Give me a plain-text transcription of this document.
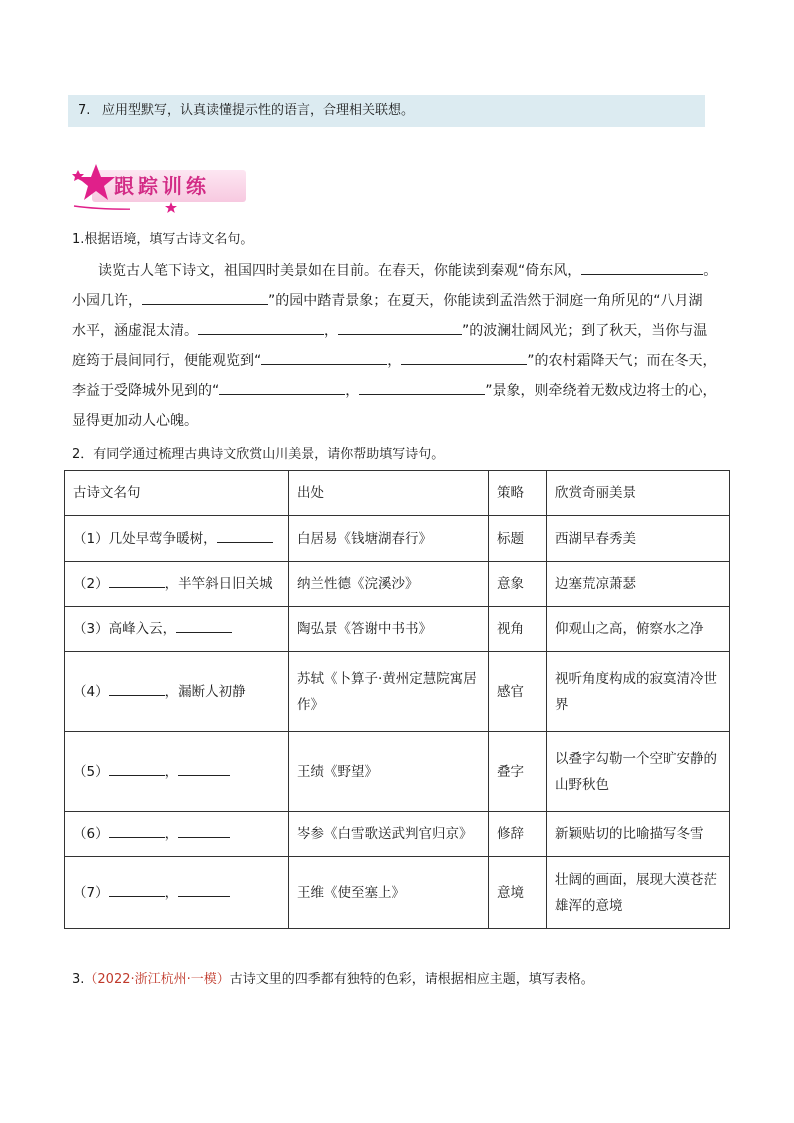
7. 应用型默写，认真读懂提示性的语言，合理相关联想。
跟踪训练
1.根据语境，填写古诗文名句。
读览古人笔下诗文，祖国四时美景如在目前。在春天，你能读到秦观“倚东风，	。
小园几许，	”的园中踏青景象；在夏天，你能读到孟浩然于洞庭一角所见的“八月湖
水平，涵虚混太清。	，	”的波澜壮阔风光；到了秋天，当你与温
庭筠于晨间同行，便能观览到“	，	”的农村霜降天气；而在冬天，
李益于受降城外见到的“	，	”景象，则牵绕着无数戍边将士的心，
显得更加动人心魄。
2．有同学通过梳理古典诗文欣赏山川美景，请你帮助填写诗句。
古诗文名句	出处	策略	欣赏奇丽美景
（1）几处早莺争暖树，	白居易《钱塘湖春行》	标题	西湖早春秀美
（2） ，半竿斜日旧关城	纳兰性德《浣溪沙》	意象	边塞荒凉萧瑟
（3）高峰入云，	陶弘景《答谢中书书》	视角	仰观山之高，俯察水之净
（4） ，漏断人初静	苏轼《卜算子·黄州定慧院寓居作》	感官	视听角度构成的寂寞清冷世界
（5） ，	王绩《野望》	叠字	以叠字勾勒一个空旷安静的山野秋色
（6） ，	岑参《白雪歌送武判官归京》	修辞	新颖贴切的比喻描写冬雪
（7） ，	王维《使至塞上》	意境	壮阔的画面，展现大漠苍茫雄浑的意境
3.（2022·浙江杭州·一模）古诗文里的四季都有独特的色彩，请根据相应主题，填写表格。
